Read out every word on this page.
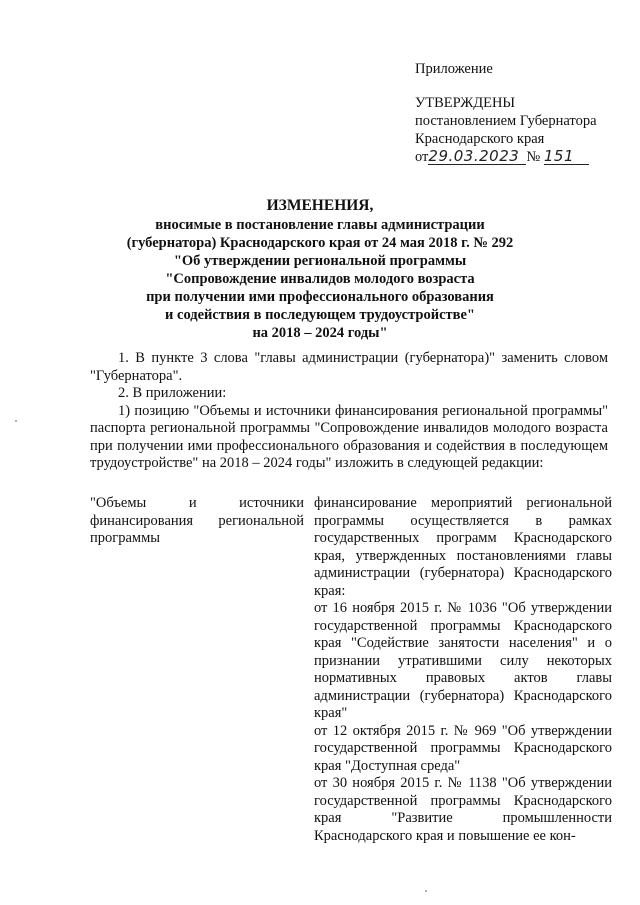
Приложение
УТВЕРЖДЕНЫ
постановлением Губернатора
Краснодарского края
от29.03.2023 № 151
ИЗМЕНЕНИЯ,
вносимые в постановление главы администрации
(губернатора) Краснодарского края от 24 мая 2018 г. № 292
"Об утверждении региональной программы
"Сопровождение инвалидов молодого возраста
при получении ими профессионального образования
и содействия в последующем трудоустройстве"
на 2018 – 2024 годы"

1. В пункте 3 слова "главы администрации (губернатора)" заменить словом "Губернатора".

2. В приложении:

1) позицию "Объемы и источники финансирования региональной программы" паспорта региональной программы "Сопровождение инвалидов молодого возраста при получении ими профессионального образования и содействия в последующем трудоустройстве" на 2018 – 2024 годы" изложить в следующей редакции:

"Объемы и источники финансирования региональной программы

финансирование мероприятий региональной программы осуществляется в рамках государственных программ Краснодарского края, утвержденных постановлениями главы администрации (губернатора) Краснодарского края:

от 16 ноября 2015 г. № 1036 "Об утверждении государственной программы Краснодарского края "Содействие занятости населения" и о признании утратившими силу некоторых нормативных правовых актов главы администрации (губернатора) Краснодарского края"

от 12 октября 2015 г. № 969 "Об утверждении государственной программы Краснодарского края "Доступная среда"

от 30 ноября 2015 г. № 1138 "Об утверждении государственной программы Краснодарского края "Развитие промышленности Краснодарского края и повышение ее кон-
